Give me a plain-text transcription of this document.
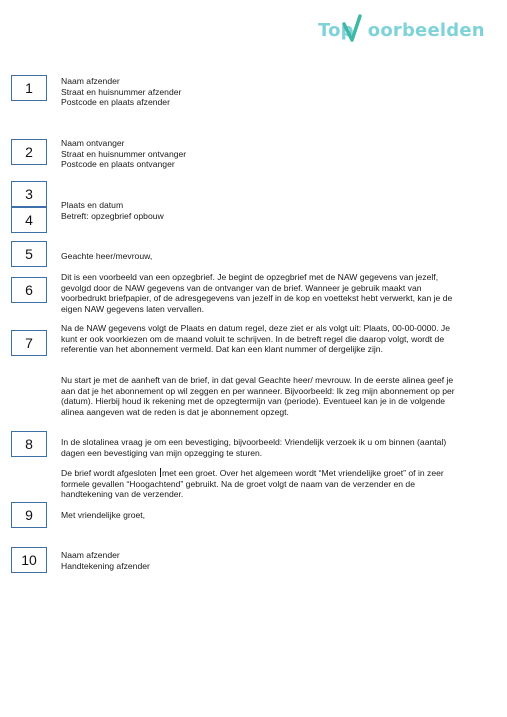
Top oorbeelden
1
2
3
4
5
6
7
8
9
10
Naam afzender
Straat en huisnummer afzender
Postcode en plaats afzender
Naam ontvanger
Straat en huisnummer ontvanger
Postcode en plaats ontvanger
Plaats en datum
Betreft: opzegbrief opbouw
Geachte heer/mevrouw,
Dit is een voorbeeld van een opzegbrief. Je begint de opzegbrief met de NAW gegevens van jezelf, gevolgd door de NAW gegevens van de ontvanger van de brief. Wanneer je gebruik maakt van voorbedrukt briefpapier, of de adresgegevens van jezelf in de kop en voettekst hebt verwerkt, kan je de eigen NAW gegevens laten vervallen.
Na de NAW gegevens volgt de Plaats en datum regel, deze ziet er als volgt uit: Plaats, 00-00-0000. Je kunt er ook voorkiezen om de maand voluit te schrijven. In de betreft regel die daarop volgt, wordt de referentie van het abonnement vermeld. Dat kan een klant nummer of dergelijke zijn.
Nu start je met de aanheft van de brief, in dat geval Geachte heer/ mevrouw. In de eerste alinea geef je aan dat je het abonnement op wil zeggen en per wanneer. Bijvoorbeeld: Ik zeg mijn abonnement op per (datum). Hierbij houd ik rekening met de opzegtermijn van (periode). Eventueel kan je in de volgende alinea aangeven wat de reden is dat je abonnement opzegt.
In de slotalinea vraag je om een bevestiging, bijvoorbeeld: Vriendelijk verzoek ik u om binnen (aantal) dagen een bevestiging van mijn opzegging te sturen.
De brief wordt afgesloten met een groet. Over het algemeen wordt “Met vriendelijke groet” of in zeer formele gevallen “Hoogachtend” gebruikt. Na de groet volgt de naam van de verzender en de handtekening van de verzender.
Met vriendelijke groet,
Naam afzender
Handtekening afzender
